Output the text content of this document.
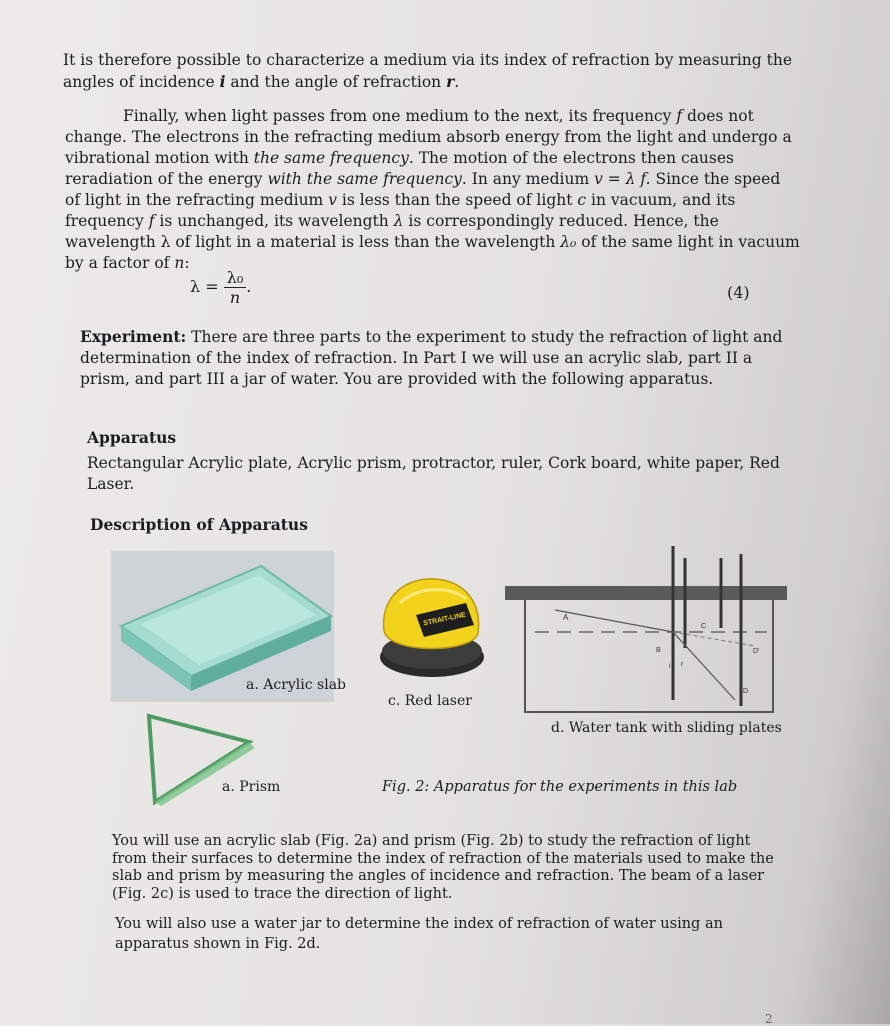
It is therefore possible to characterize a medium via its index of refraction by measuring the angles of incidence i and the angle of refraction r.

Finally, when light passes from one medium to the next, its frequency f does not change. The electrons in the refracting medium absorb energy from the light and undergo a vibrational motion with the same frequency. The motion of the electrons then causes reradiation of the energy with the same frequency. In any medium v = λ f. Since the speed of light in the refracting medium v is less than the speed of light c in vacuum, and its frequency f is unchanged, its wavelength λ is correspondingly reduced. Hence, the wavelength λ of light in a material is less than the wavelength λ₀ of the same light in vacuum by a factor of n:

$\lambda = \frac{\text{λ₀}}{n}$ .	(4)

Experiment: There are three parts to the experiment to study the refraction of light and determination of the index of refraction. In Part I we will use an acrylic slab, part II a prism, and part III a jar of water. You are provided with the following apparatus.

Apparatus

Rectangular Acrylic plate, Acrylic prism, protractor, ruler, Cork board, white paper, Red Laser.

Description of Apparatus
a. Acrylic slab
STRAIT-LINE
c. Red laser
A
B
C
D
D'
i r
d. Water tank with sliding plates
a. Prism	Fig. 2: Apparatus for the experiments in this lab

You will use an acrylic slab (Fig. 2a) and prism (Fig. 2b) to study the refraction of light from their surfaces to determine the index of refraction of the materials used to make the slab and prism by measuring the angles of incidence and refraction. The beam of a laser (Fig. 2c) is used to trace the direction of light.

You will also use a water jar to determine the index of refraction of water using an apparatus shown in Fig. 2d.

2
